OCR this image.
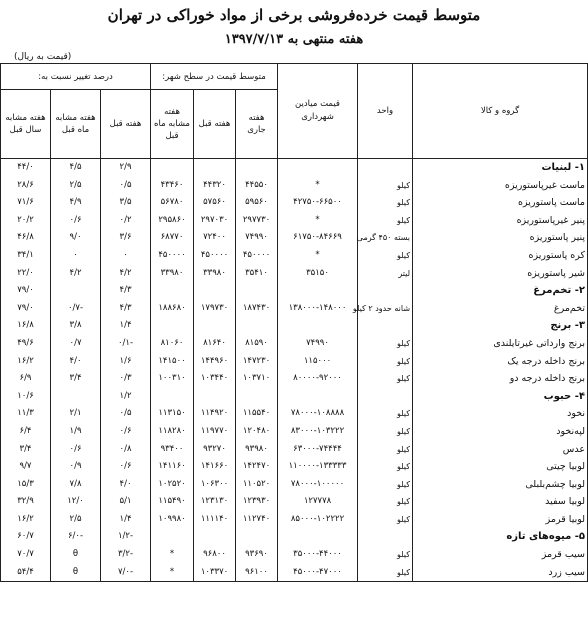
متوسط قیمت خرده‌فروشی برخی از مواد خوراکی در تهران
هفته منتهی به ۱۳۹۷/۷/۱۳
(قیمت به ریال)
گروه و کالا	واحد	قیمت میادین شهرداری	متوسط قیمت در سطح شهر:			درصد تغییر نسبت به:		
			هفته جاری	هفته قبل	هفته مشابه ماه قبل	هفته قبل	هفته مشابه ماه قبل	هفته مشابه سال قبل
۱- لبنیات						۲/۹	۴/۵	۴۴/۰
ماست غیرپاستوریزه	کیلو	*	۴۴۵۵۰	۴۴۳۲۰	۴۳۴۶۰	۰/۵	۲/۵	۲۸/۶
ماست پاستوریزه	کیلو	۴۲۷۵۰-۶۶۵۰۰	۵۹۵۶۰	۵۷۵۶۰	۵۶۷۸۰	۳/۵	۴/۹	۷۱/۶
پنیر غیرپاستوریزه	کیلو	*	۲۹۷۷۳۰	۲۹۷۰۳۰	۲۹۵۸۶۰	۰/۲	۰/۶	۲۰/۲
پنیر پاستوریزه	بسته ۴۵۰ گرمی	۶۱۷۵۰-۸۴۶۶۹	۷۴۹۹۰	۷۲۴۰۰	۶۸۷۷۰	۳/۶	۹/۰	۴۶/۸
کره پاستوریزه	کیلو	*	۴۵۰۰۰۰	۴۵۰۰۰۰	۴۵۰۰۰۰	۰	۰	۳۴/۱
شیر پاستوریزه	لیتر	۳۵۱۵۰	۳۵۴۱۰	۳۳۹۸۰	۳۳۹۸۰	۴/۲	۴/۲	۲۲/۰
۲- تخم‌مرغ						۴/۳		۷۹/۰
تخم‌مرغ	شانه حدود ۲ کیلو	۱۳۸۰۰۰-۱۴۸۰۰۰	۱۸۷۴۳۰	۱۷۹۷۳۰	۱۸۸۶۸۰	۴/۳	-۰/۷	۷۹/۰
۳- برنج						۱/۴	۳/۸	۱۶/۸
برنج وارداتی غیرتایلندی	کیلو	۷۴۹۹۰	۸۱۵۹۰	۸۱۶۴۰	۸۱۰۶۰	-۰/۱	۰/۷	۴۹/۶
برنج داخله درجه یک	کیلو	۱۱۵۰۰۰	۱۴۷۲۳۰	۱۴۴۹۶۰	۱۴۱۵۰۰	۱/۶	۴/۰	۱۶/۲
برنج داخله درجه دو	کیلو	۸۰۰۰۰-۹۲۰۰۰	۱۰۳۷۱۰	۱۰۳۴۴۰	۱۰۰۳۱۰	۰/۳	۳/۴	۶/۹
۴- حبوب						۱/۲		۱۰/۶
نخود	کیلو	۷۸۰۰۰-۱۰۸۸۸۸	۱۱۵۵۴۰	۱۱۴۹۲۰	۱۱۳۱۵۰	۰/۵	۲/۱	۱۱/۳
لپه‌نخود	کیلو	۸۳۰۰۰-۱۰۳۲۲۲	۱۲۰۴۸۰	۱۱۹۷۷۰	۱۱۸۲۸۰	۰/۶	۱/۹	۶/۴
عدس	کیلو	۶۳۰۰۰-۷۴۴۴۴	۹۳۹۸۰	۹۳۲۷۰	۹۳۴۰۰	۰/۸	۰/۶	۳/۴
لوبیا چیتی	کیلو	۱۱۰۰۰۰-۱۳۳۳۳۳	۱۴۲۴۷۰	۱۴۱۶۶۰	۱۴۱۱۶۰	۰/۶	۰/۹	۹/۷
لوبیا چشم‌بلبلی	کیلو	۷۸۰۰۰-۱۰۰۰۰۰	۱۱۰۵۲۰	۱۰۶۳۰۰	۱۰۲۵۲۰	۴/۰	۷/۸	۱۵/۳
لوبیا سفید	کیلو	۱۲۷۷۷۸	۱۲۳۹۳۰	۱۲۳۱۳۰	۱۱۵۴۹۰	۵/۱	۱۲/۰	۳۲/۹
لوبیا قرمز	کیلو	۸۵۰۰۰-۱۰۲۲۲۲	۱۱۲۷۴۰	۱۱۱۱۴۰	۱۰۹۹۸۰	۱/۴	۲/۵	۱۶/۲
۵- میوه‌های تازه						-۱/۲	-۶/۰	۶۰/۷
سیب قرمز	کیلو	۳۵۰۰۰-۴۴۰۰۰	۹۳۶۹۰	۹۶۸۰۰	*	-۳/۲	θ	۷۰/۷
سیب زرد	کیلو	۴۵۰۰۰-۴۷۰۰۰	۹۶۱۰۰	۱۰۳۳۷۰	*	-۷/۰	θ	۵۴/۴
